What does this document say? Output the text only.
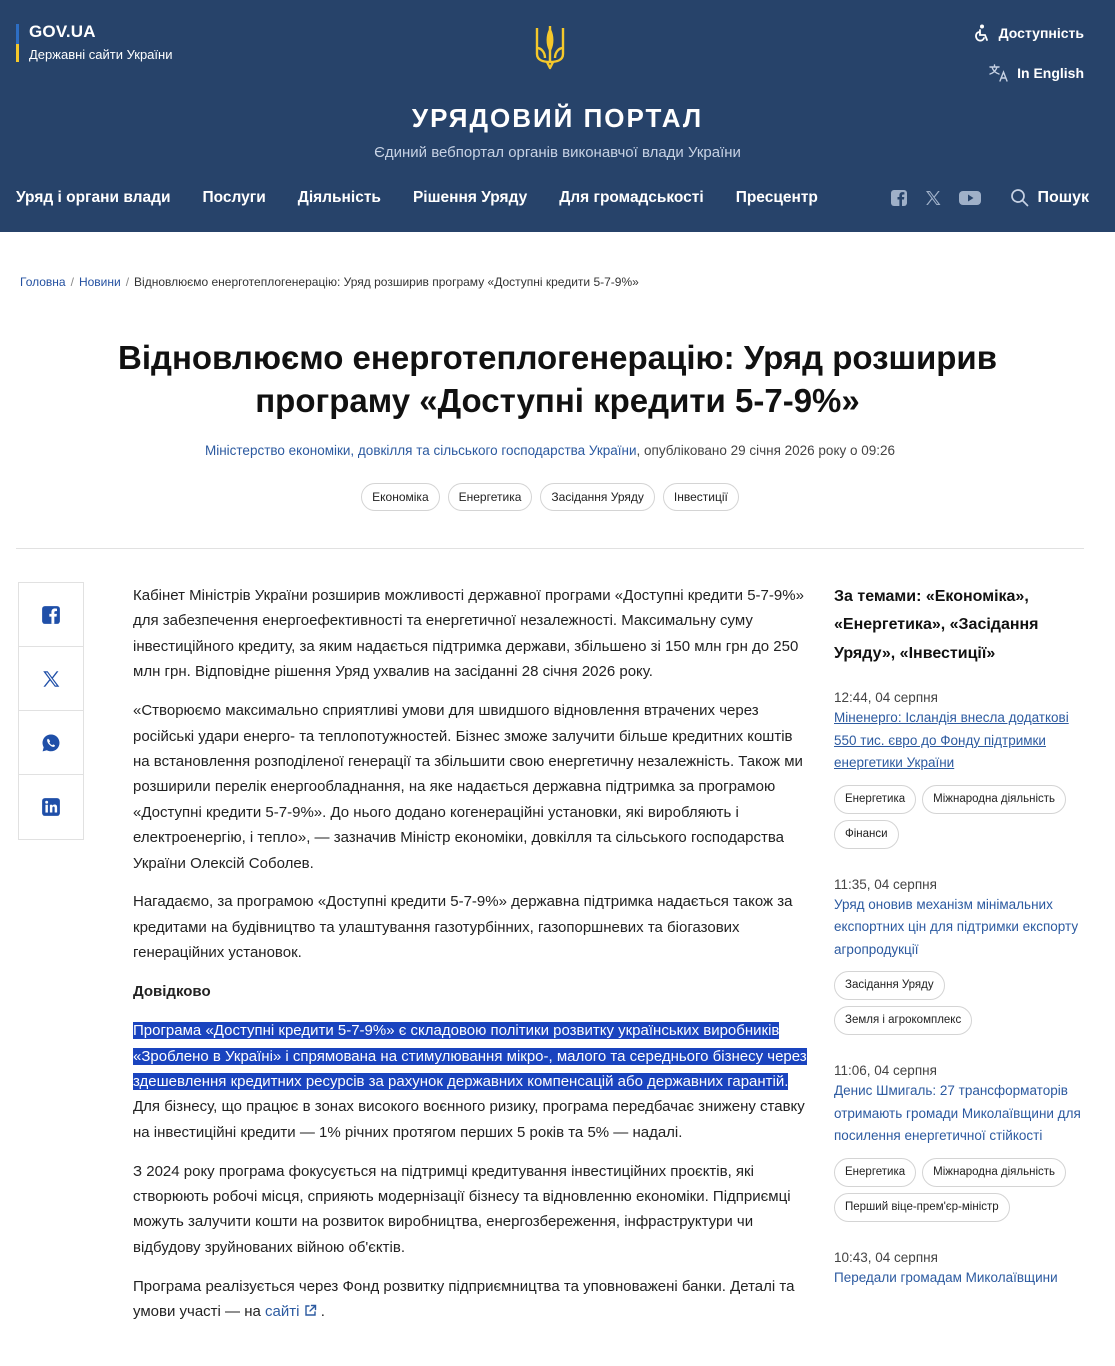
GOV.UA
Державні сайти України
Доступність
In English
УРЯДОВИЙ ПОРТАЛ
Єдиний вебпортал органів виконавчої влади України
Уряд і органи влади Послуги Діяльність Рішення Уряду Для громадськості Пресцентр	Пошук
Головна / Новини / Відновлюємо енерготеплогенерацію: Уряд розширив програму «Доступні кредити 5-7-9%»
Відновлюємо енерготеплогенерацію: Уряд розширив програму «Доступні кредити 5-7-9%»
Міністерство економіки, довкілля та сільського господарства України, опубліковано 29 січня 2026 року о 09:26
Економіка	Енергетика	Засідання Уряду	Інвестиції

Кабінет Міністрів України розширив можливості державної програми «Доступні кредити 5-7-9%» для забезпечення енергоефективності та енергетичної незалежності. Максимальну суму інвестиційного кредиту, за яким надається підтримка держави, збільшено зі 150 млн грн до 250 млн грн. Відповідне рішення Уряд ухвалив на засіданні 28 січня 2026 року.

«Створюємо максимально сприятливі умови для швидшого відновлення втрачених через російські удари енерго- та теплопотужностей. Бізнес зможе залучити більше кредитних коштів на встановлення розподіленої генерації та збільшити свою енергетичну незалежність. Також ми розширили перелік енергообладнання, на яке надається державна підтримка за програмою «Доступні кредити 5-7-9%». До нього додано когенераційні установки, які виробляють і електроенергію, і тепло», — зазначив Міністр економіки, довкілля та сільського господарства України Олексій Соболев.

Нагадаємо, за програмою «Доступні кредити 5-7-9%» державна підтримка надається також за кредитами на будівництво та улаштування газотурбінних, газопоршневих та біогазових генераційних установок.

Довідково

Програма «Доступні кредити 5-7-9%» є складовою політики розвитку українських виробників «Зроблено в Україні» і спрямована на стимулювання мікро-, малого та середнього бізнесу через здешевлення кредитних ресурсів за рахунок державних компенсацій або державних гарантій. Для бізнесу, що працює в зонах високого воєнного ризику, програма передбачає знижену ставку на інвестиційні кредити — 1% річних протягом перших 5 років та 5% — надалі.

З 2024 року програма фокусується на підтримці кредитування інвестиційних проєктів, які створюють робочі місця, сприяють модернізації бізнесу та відновленню економіки. Підприємці можуть залучити кошти на розвиток виробництва, енергозбереження, інфраструктури чи відбудову зруйнованих війною об'єктів.

Програма реалізується через Фонд розвитку підприємництва та уповноважені банки. Деталі та умови участі — на сайті  .

За темами: «Економіка», «Енергетика», «Засідання Уряду», «Інвестиції»
12:44, 04 серпня
Міненерго: Ісландія внесла додаткові 550 тис. євро до Фонду підтримки енергетики України
Енергетика	Міжнародна діяльність
Фінанси
11:35, 04 серпня
Уряд оновив механізм мінімальних експортних цін для підтримки експорту агропродукції
Засідання Уряду
Земля і агрокомплекс
11:06, 04 серпня
Денис Шмигаль: 27 трансформаторів отримають громади Миколаївщини для посилення енергетичної стійкості
Енергетика	Міжнародна діяльність
Перший віце-прем'єр-міністр
10:43, 04 серпня
Передали громадам Миколаївщини
